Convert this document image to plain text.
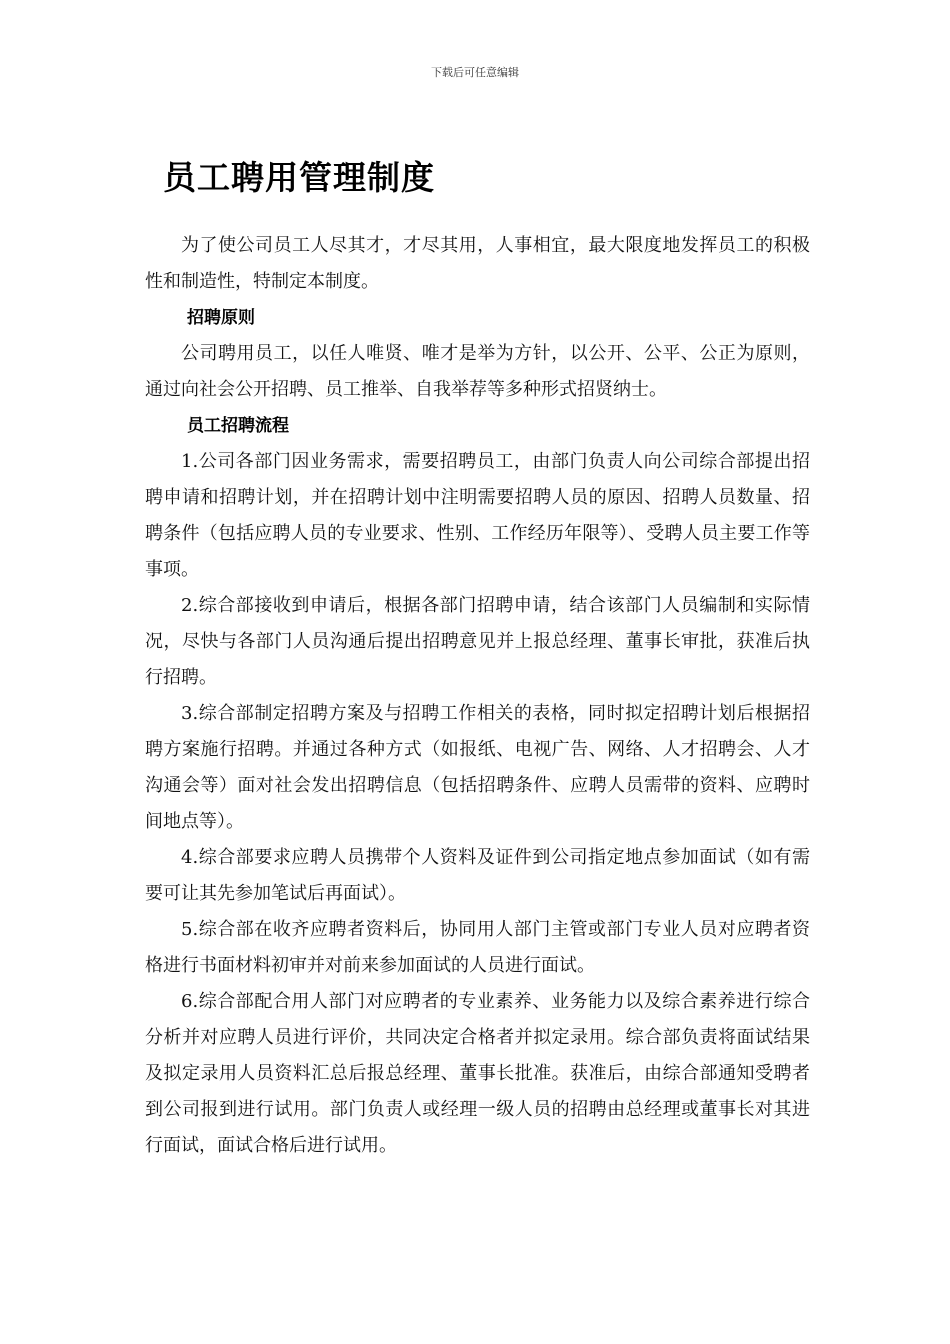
下载后可任意编辑
员工聘用管理制度

为了使公司员工人尽其才，才尽其用，人事相宜，最大限度地发挥员工的积极性和制造性，特制定本制度。

招聘原则

公司聘用员工，以任人唯贤、唯才是举为方针，以公开、公平、公正为原则，通过向社会公开招聘、员工推举、自我举荐等多种形式招贤纳士。

员工招聘流程

1.公司各部门因业务需求，需要招聘员工，由部门负责人向公司综合部提出招聘申请和招聘计划，并在招聘计划中注明需要招聘人员的原因、招聘人员数量、招聘条件（包括应聘人员的专业要求、性别、工作经历年限等）、受聘人员主要工作等事项。

2.综合部接收到申请后，根据各部门招聘申请，结合该部门人员编制和实际情况，尽快与各部门人员沟通后提出招聘意见并上报总经理、董事长审批，获准后执行招聘。

3.综合部制定招聘方案及与招聘工作相关的表格，同时拟定招聘计划后根据招聘方案施行招聘。并通过各种方式（如报纸、电视广告、网络、人才招聘会、人才沟通会等）面对社会发出招聘信息（包括招聘条件、应聘人员需带的资料、应聘时间地点等）。

4.综合部要求应聘人员携带个人资料及证件到公司指定地点参加面试（如有需要可让其先参加笔试后再面试）。

5.综合部在收齐应聘者资料后，协同用人部门主管或部门专业人员对应聘者资格进行书面材料初审并对前来参加面试的人员进行面试。

6.综合部配合用人部门对应聘者的专业素养、业务能力以及综合素养进行综合分析并对应聘人员进行评价，共同决定合格者并拟定录用。综合部负责将面试结果及拟定录用人员资料汇总后报总经理、董事长批准。获准后，由综合部通知受聘者到公司报到进行试用。部门负责人或经理一级人员的招聘由总经理或董事长对其进行面试，面试合格后进行试用。
